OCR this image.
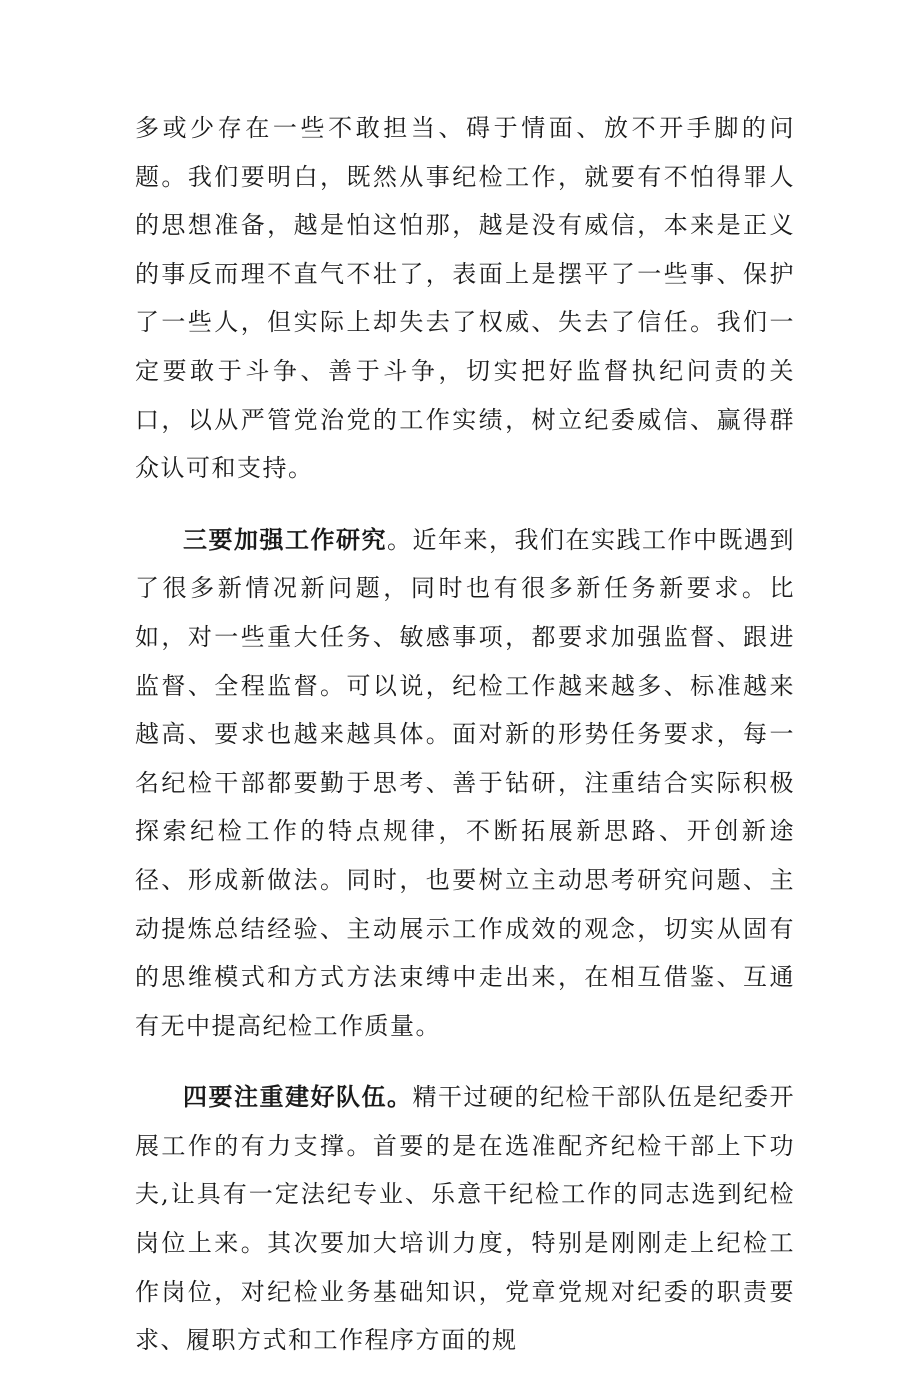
多或少存在一些不敢担当、碍于情面、放不开手脚的问题。我们要明白，既然从事纪检工作，就要有不怕得罪人的思想准备，越是怕这怕那，越是没有威信，本来是正义的事反而理不直气不壮了，表面上是摆平了一些事、保护了一些人，但实际上却失去了权威、失去了信任。我们一定要敢于斗争、善于斗争，切实把好监督执纪问责的关口，以从严管党治党的工作实绩，树立纪委威信、赢得群众认可和支持。

三要加强工作研究。近年来，我们在实践工作中既遇到了很多新情况新问题，同时也有很多新任务新要求。比如，对一些重大任务、敏感事项，都要求加强监督、跟进监督、全程监督。可以说，纪检工作越来越多、标准越来越高、要求也越来越具体。面对新的形势任务要求，每一名纪检干部都要勤于思考、善于钻研，注重结合实际积极探索纪检工作的特点规律，不断拓展新思路、开创新途径、形成新做法。同时，也要树立主动思考研究问题、主动提炼总结经验、主动展示工作成效的观念，切实从固有的思维模式和方式方法束缚中走出来，在相互借鉴、互通有无中提高纪检工作质量。

四要注重建好队伍。精干过硬的纪检干部队伍是纪委开展工作的有力支撑。首要的是在选准配齐纪检干部上下功夫,让具有一定法纪专业、乐意干纪检工作的同志选到纪检岗位上来。其次要加大培训力度，特别是刚刚走上纪检工作岗位，对纪检业务基础知识，党章党规对纪委的职责要求、履职方式和工作程序方面的规
